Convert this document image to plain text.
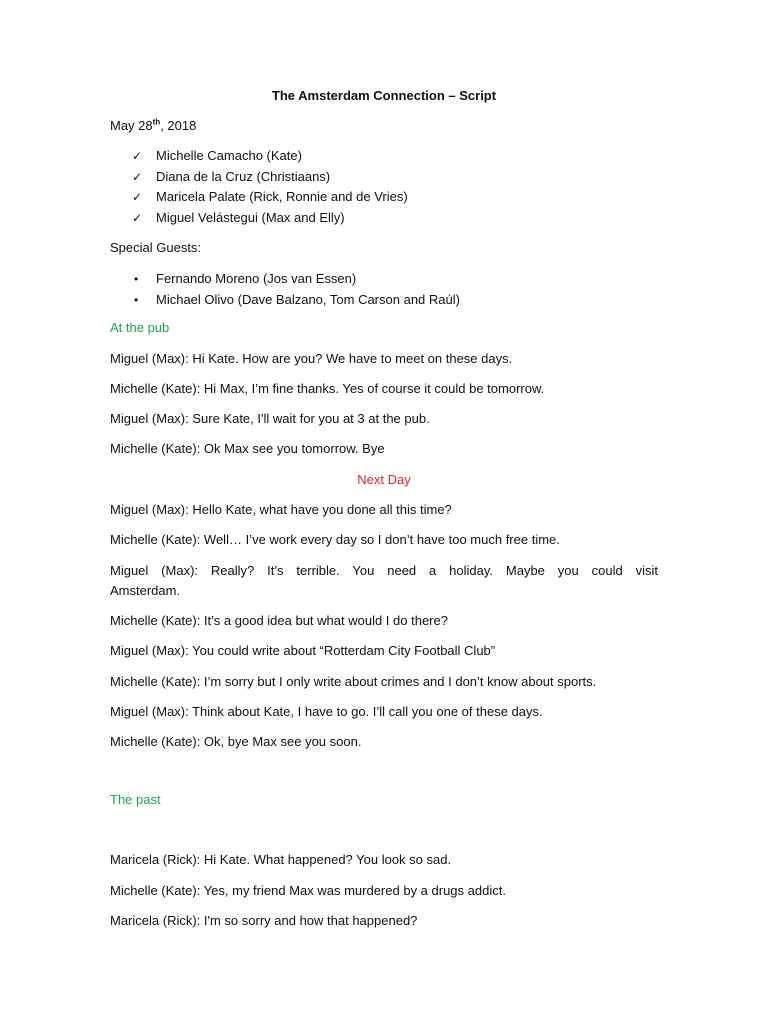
The Amsterdam Connection – Script
May 28th, 2018
✓ Michelle Camacho (Kate)
✓ Diana de la Cruz (Christiaans)
✓ Maricela Palate (Rick, Ronnie and de Vries)
✓ Miguel Velástegui (Max and Elly)
Special Guests:
• Fernando Moreno (Jos van Essen)
• Michael Olivo (Dave Balzano, Tom Carson and Raúl)
At the pub
Miguel (Max): Hi Kate. How are you? We have to meet on these days.
Michelle (Kate): Hi Max, I’m fine thanks. Yes of course it could be tomorrow.
Miguel (Max): Sure Kate, I'll wait for you at 3 at the pub.
Michelle (Kate): Ok Max see you tomorrow. Bye
Next Day
Miguel (Max): Hello Kate, what have you done all this time?
Michelle (Kate): Well… I’ve work every day so I don’t have too much free time.
Miguel (Max): Really? It’s terrible. You need a holiday. Maybe you could visit
Amsterdam.
Michelle (Kate): It’s a good idea but what would I do there?
Miguel (Max): You could write about “Rotterdam City Football Club”
Michelle (Kate): I’m sorry but I only write about crimes and I don’t know about sports.
Miguel (Max): Think about Kate, I have to go. I’ll call you one of these days.
Michelle (Kate): Ok, bye Max see you soon.
The past
Maricela (Rick): Hi Kate. What happened? You look so sad.
Michelle (Kate): Yes, my friend Max was murdered by a drugs addict.
Maricela (Rick): I'm so sorry and how that happened?
